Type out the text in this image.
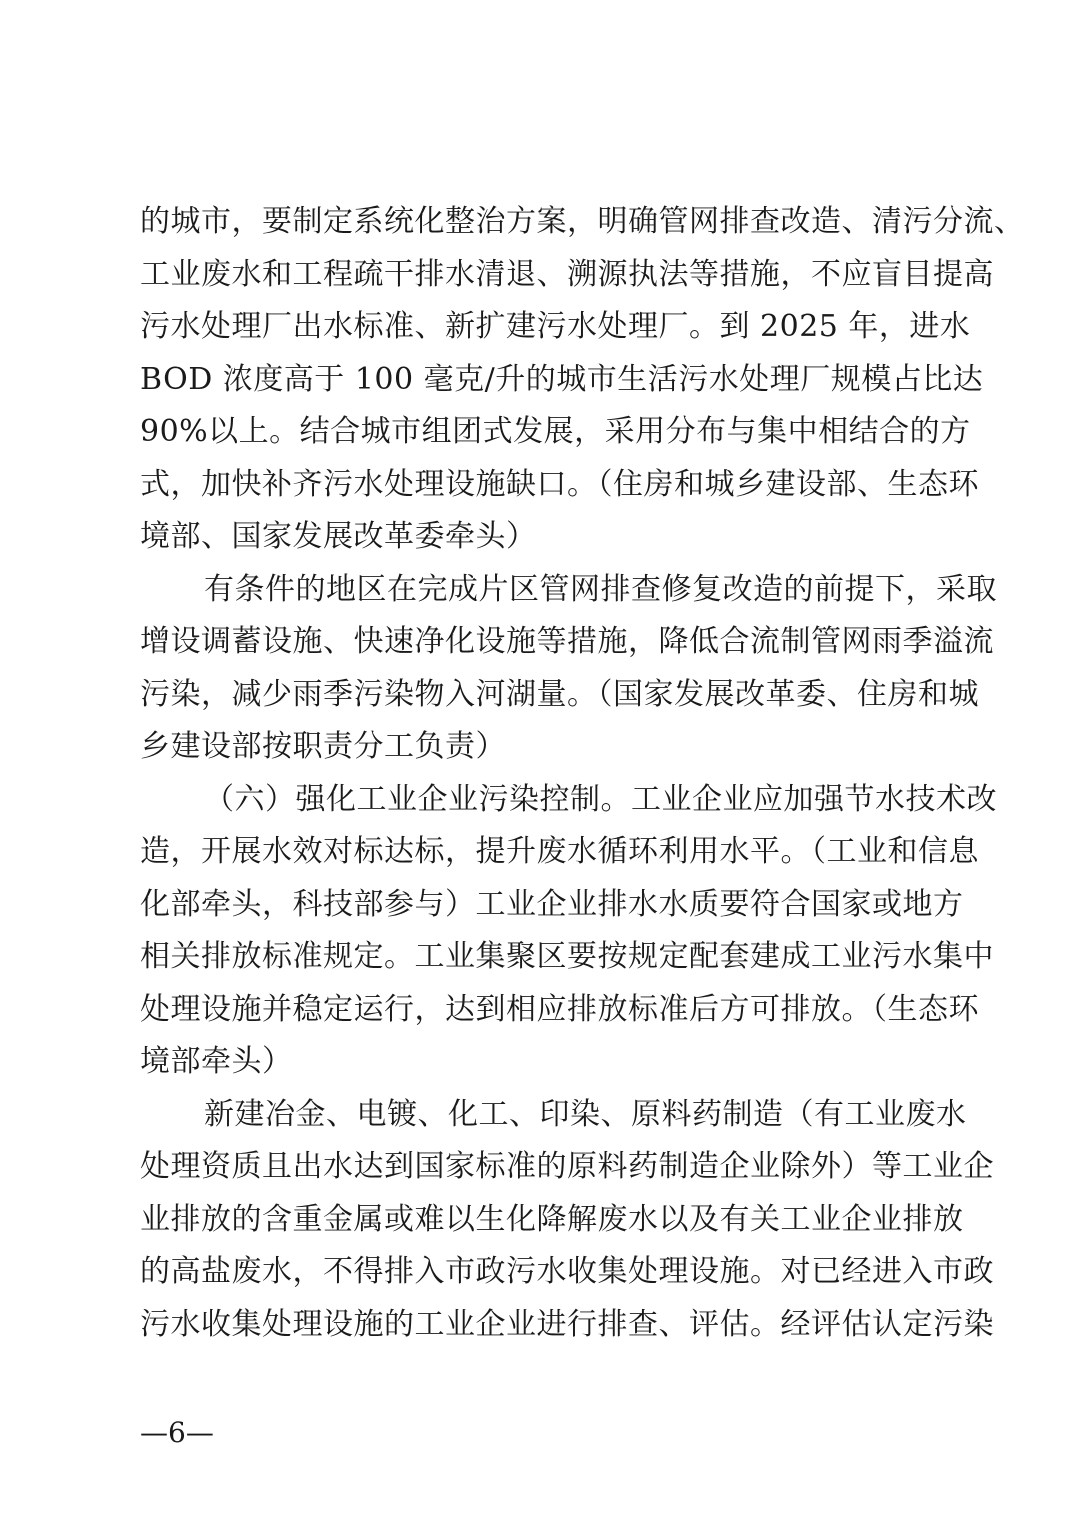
的城市，要制定系统化整治方案，明确管网排查改造、清污分流、
工业废水和工程疏干排水清退、溯源执法等措施，不应盲目提高
污水处理厂出水标准、新扩建污水处理厂。到 2025 年，进水
BOD 浓度高于 100 毫克/升的城市生活污水处理厂规模占比达
90%以上。结合城市组团式发展，采用分布与集中相结合的方
式，加快补齐污水处理设施缺口。（住房和城乡建设部、生态环
境部、国家发展改革委牵头）
有条件的地区在完成片区管网排查修复改造的前提下，采取
增设调蓄设施、快速净化设施等措施，降低合流制管网雨季溢流
污染，减少雨季污染物入河湖量。（国家发展改革委、住房和城
乡建设部按职责分工负责）
（六）强化工业企业污染控制。工业企业应加强节水技术改
造，开展水效对标达标，提升废水循环利用水平。（工业和信息
化部牵头，科技部参与）工业企业排水水质要符合国家或地方
相关排放标准规定。工业集聚区要按规定配套建成工业污水集中
处理设施并稳定运行，达到相应排放标准后方可排放。（生态环
境部牵头）
新建冶金、电镀、化工、印染、原料药制造（有工业废水
处理资质且出水达到国家标准的原料药制造企业除外）等工业企
业排放的含重金属或难以生化降解废水以及有关工业企业排放
的高盐废水，不得排入市政污水收集处理设施。对已经进入市政
污水收集处理设施的工业企业进行排查、评估。经评估认定污染
—6—
